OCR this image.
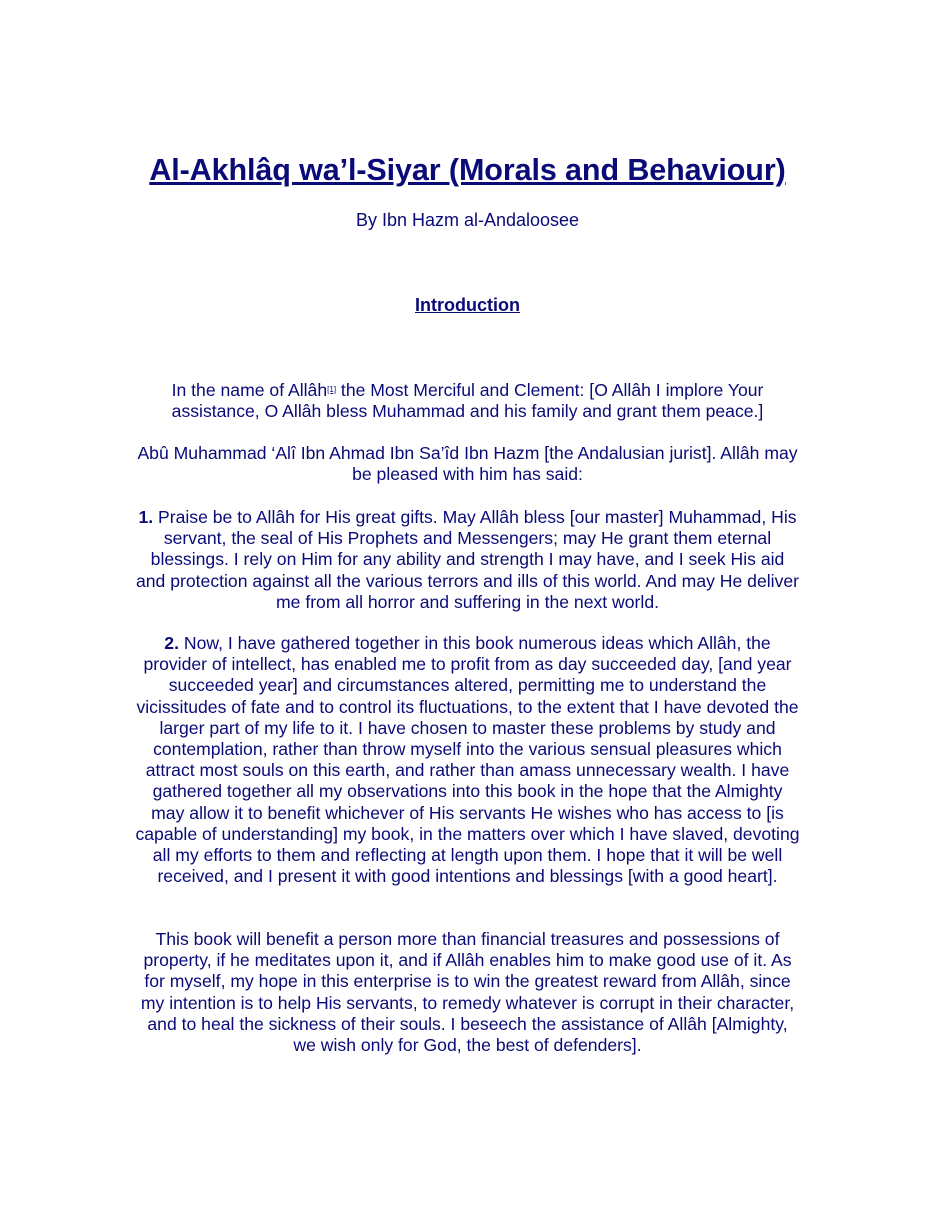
Al-Akhlâq wa’l-Siyar (Morals and Behaviour)
By Ibn Hazm al-Andaloosee
Introduction

In the name of Allâh[1] the Most Merciful and Clement: [O Allâh I implore Your assistance, O Allâh bless Muhammad and his family and grant them peace.]

Abû Muhammad ‘Alî Ibn Ahmad Ibn Sa’îd Ibn Hazm [the Andalusian jurist]. Allâh may be pleased with him has said:

1. Praise be to Allâh for His great gifts. May Allâh bless [our master] Muhammad, His servant, the seal of His Prophets and Messengers; may He grant them eternal blessings. I rely on Him for any ability and strength I may have, and I seek His aid and protection against all the various terrors and ills of this world. And may He deliver me from all horror and suffering in the next world.

2. Now, I have gathered together in this book numerous ideas which Allâh, the provider of intellect, has enabled me to profit from as day succeeded day, [and year succeeded year] and circumstances altered, permitting me to understand the vicissitudes of fate and to control its fluctuations, to the extent that I have devoted the larger part of my life to it. I have chosen to master these problems by study and contemplation, rather than throw myself into the various sensual pleasures which attract most souls on this earth, and rather than amass unnecessary wealth. I have gathered together all my observations into this book in the hope that the Almighty may allow it to benefit whichever of His servants He wishes who has access to [is capable of understanding] my book, in the matters over which I have slaved, devoting all my efforts to them and reflecting at length upon them. I hope that it will be well received, and I present it with good intentions and blessings [with a good heart].

This book will benefit a person more than financial treasures and possessions of property, if he meditates upon it, and if Allâh enables him to make good use of it. As for myself, my hope in this enterprise is to win the greatest reward from Allâh, since my intention is to help His servants, to remedy whatever is corrupt in their character, and to heal the sickness of their souls. I beseech the assistance of Allâh [Almighty, we wish only for God, the best of defenders].
